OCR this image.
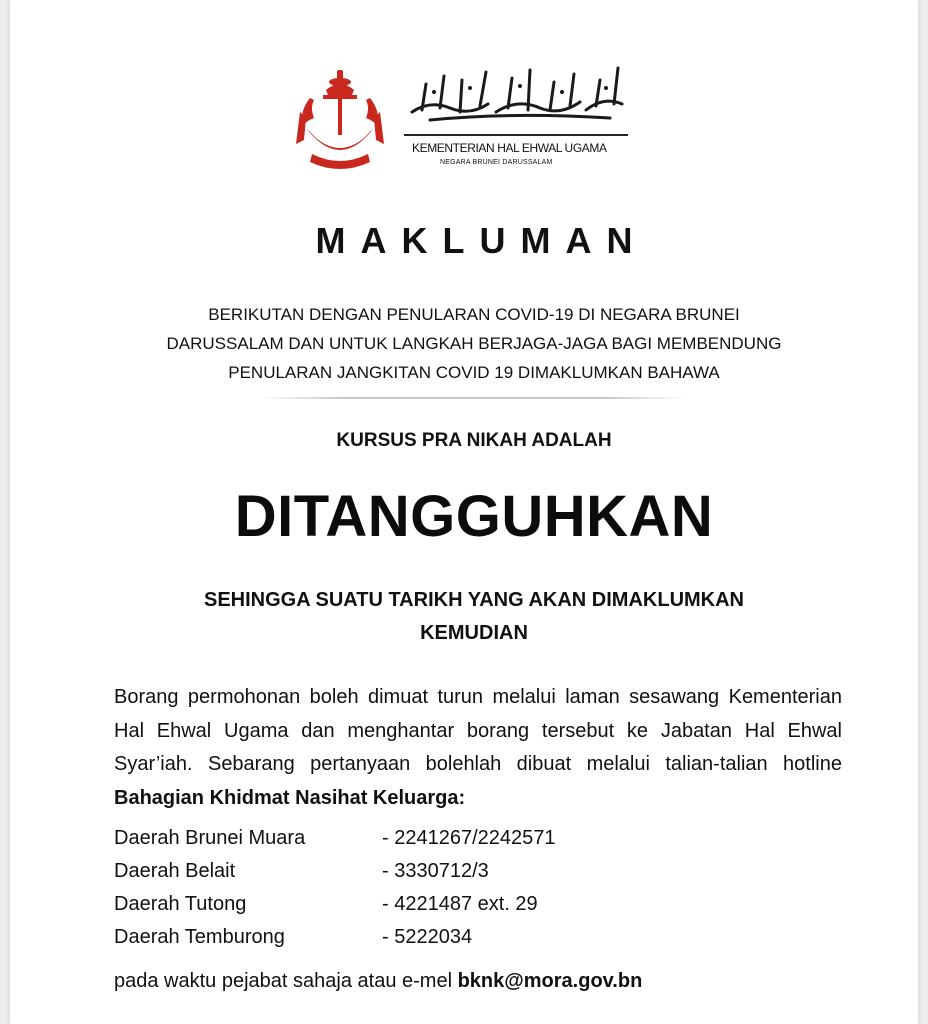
KEMENTERIAN HAL EHWAL UGAMA
NEGARA BRUNEI DARUSSALAM
MAKLUMAN
BERIKUTAN DENGAN PENULARAN COVID-19 DI NEGARA BRUNEI
DARUSSALAM DAN UNTUK LANGKAH BERJAGA-JAGA BAGI MEMBENDUNG
PENULARAN JANGKITAN COVID 19 DIMAKLUMKAN BAHAWA
KURSUS PRA NIKAH ADALAH
DITANGGUHKAN
SEHINGGA SUATU TARIKH YANG AKAN DIMAKLUMKAN
KEMUDIAN
Borang permohonan boleh dimuat turun melalui laman sesawang Kementerian Hal Ehwal Ugama dan menghantar borang tersebut ke Jabatan Hal Ehwal Syar’iah. Sebarang pertanyaan bolehlah dibuat melalui talian-talian hotline Bahagian Khidmat Nasihat Keluarga:
Daerah Brunei Muara	- 2241267/2242571
Daerah Belait	- 3330712/3
Daerah Tutong	- 4221487 ext. 29
Daerah Temburong	- 5222034
pada waktu pejabat sahaja atau e-mel bknk@mora.gov.bn
